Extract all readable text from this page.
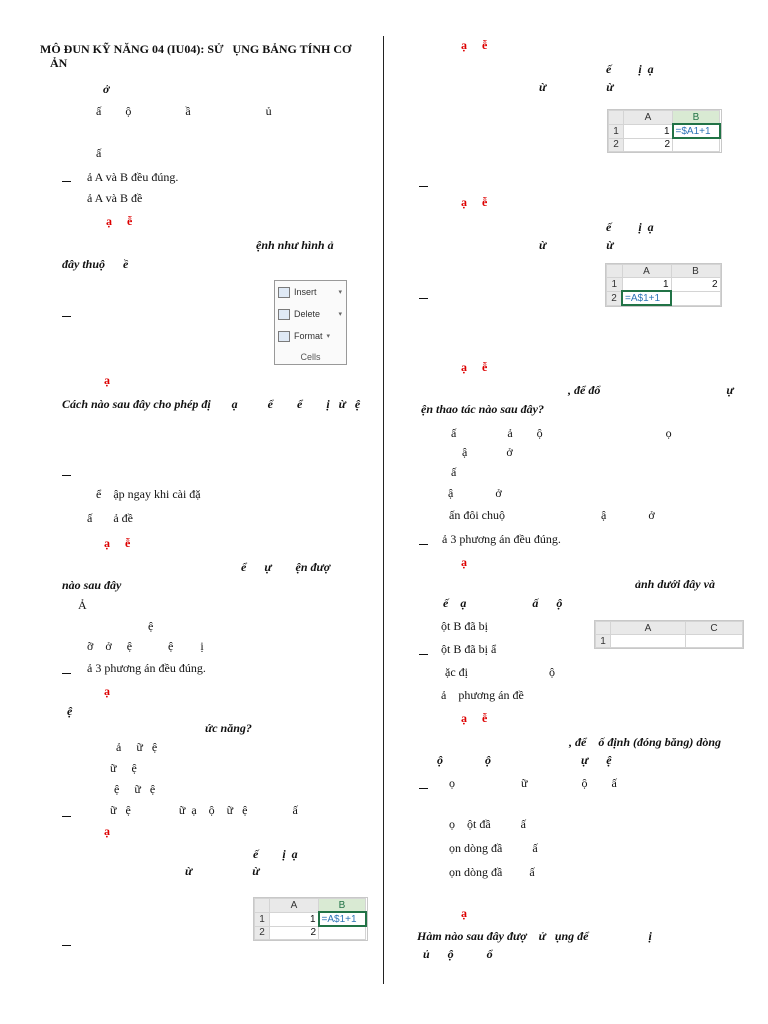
MÔ ĐUN KỸ NĂNG 04 (IU04): SỬ   ỤNG BẢNG TÍNH CƠ
ẢN
ở
ấ        ộ                  ầ                         ủ
ấ
ả A và B đều đúng.
ả A và B đề
ạ     ễ
ệnh như hình ả
đây thuộ      ề
Insert	▾
Delete	▾
Format ▾
Cells
ạ
Cách nào sau đây cho phép đị       ạ          ể        ể        ị   ừ   ệ
ể    ập ngay khi cài đặ
ấ       ả đề
ạ     ễ
ể      ự        ện đượ
nào sau đây
Ả
ệ
ỡ    ở     ệ            ệ         ị
ả 3 phương án đều đúng.
ạ
ệ
ức năng?
ả     ữ   ệ
ữ     ệ
ệ     ữ   ệ
ữ   ệ                ữ  ạ    ộ    ữ   ệ               ấ
ạ
ế        ị  ạ
ừ                    ừ
	A	B
1	1	=A$1+1
2	2	
ạ     ễ
ế         ị  ạ
ừ                    ừ
	A	B
1	1	=$A1+1
2	2	
ạ     ễ
ế         ị  ạ
ừ                    ừ
	A	B
1	1	2
2	=A$1+1	
ạ     ễ
, để đổ                                          ự
ện thao tác nào sau đây?
ấ                 ả        ộ                                         ọ
ậ             ở
ấ
ậ              ở
ấn đôi chuộ                                ậ              ở
ả 3 phương án đều đúng.
ạ
ảnh dưới đây và
ế    ạ                      ấ      ộ
ột B đã bị
		A	C
1		
ột B đã bị ẩ
ặc đị                           ộ
ả    phương án đề
ạ     ễ
, để    ố định (đóng băng) dòng
ộ              ộ                              ự      ệ
ọ                      ữ                  ộ        ấ
ọ    ột đầ          ấ
ọn dòng đầ          ấ
ọn dòng đầ         ấ
ạ
Hàm nào sau đây đượ    ử   ụng để                    ị
ủ      ộ           ổ
